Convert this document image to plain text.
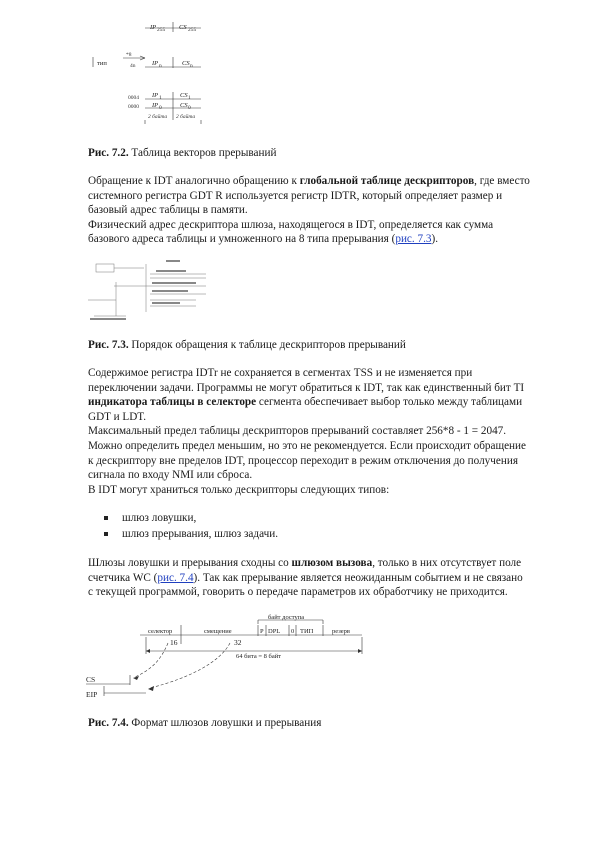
IP 255 CS 255
тип
*8
4n	IP n	CS n
0004
0000
IP 1	CS 1
IP 0	CS 0
2 байта 2 байта
Рис. 7.2. Таблица векторов прерываний
Обращение к IDT аналогично обращению к глобальной таблице дескрипторов, где вместо
системного регистра GDT R используется регистр IDTR, который определяет размер и
базовый адрес таблицы в памяти.
Физический адрес дескриптора шлюза, находящегося в IDT, определяется как сумма
базового адреса таблицы и умноженного на 8 типа прерывания (рис. 7.3).
Рис. 7.3. Порядок обращения к таблице дескрипторов прерываний
Содержимое регистра IDTr не сохраняется в сегментах TSS и не изменяется при
переключении задачи. Программы не могут обратиться к IDT, так как единственный бит TI
индикатора таблицы в селекторе сегмента обеспечивает выбор только между таблицами
GDT и LDT.
Максимальный предел таблицы дескрипторов прерываний составляет 256*8 - 1 = 2047.
Можно определить предел меньшим, но это не рекомендуется. Если происходит обращение
к дескриптору вне пределов IDT, процессор переходит в режим отключения до получения
сигнала по входу NMI или сброса.
В IDT могут храниться только дескрипторы следующих типов:
шлюз ловушки,
шлюз прерывания, шлюз задачи.
Шлюзы ловушки и прерывания сходны со шлюзом вызова, только в них отсутствует поле
счетчика WC (рис. 7.4). Так как прерывание является неожиданным событием и не связано
с текущей программой, говорить о передаче параметров их обработчику не приходится.
байт доступа
селектор	смещение	P DPL 0 ТИП	резерв
16	32
64 бита = 8 байт
CS
EIP
Рис. 7.4. Формат шлюзов ловушки и прерывания
